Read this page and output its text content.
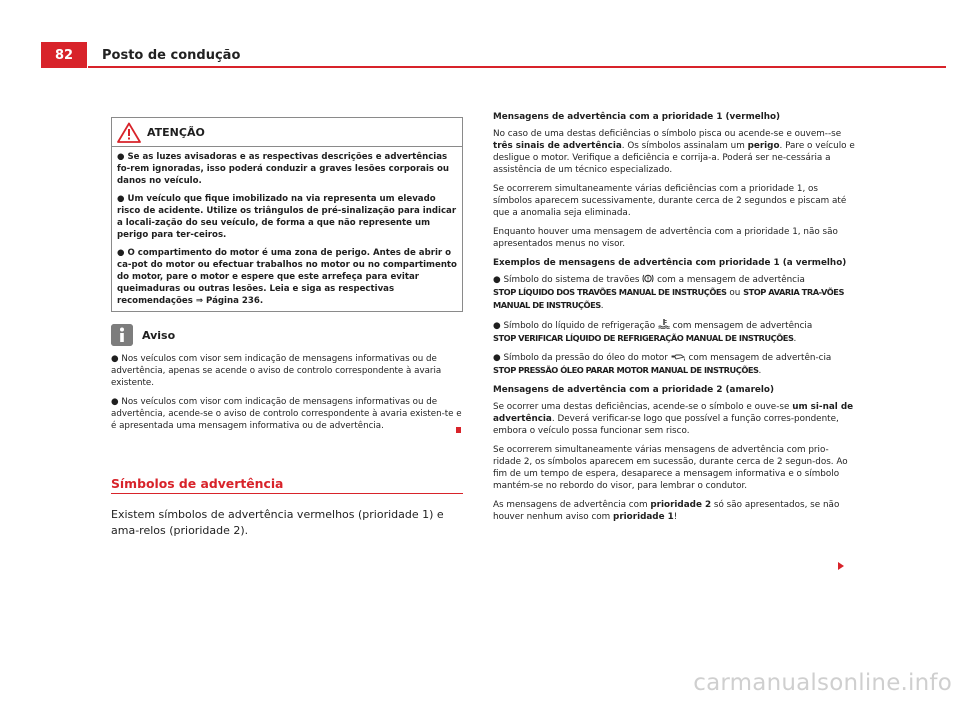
82	Posto de condução
ATENÇÃO

● Se as luzes avisadoras e as respectivas descrições e advertências fo-rem ignoradas, isso poderá conduzir a graves lesões corporais ou danos no veículo.

● Um veículo que fique imobilizado na via representa um elevado risco de acidente. Utilize os triângulos de pré-sinalização para indicar a locali-zação do seu veículo, de forma a que não represente um perigo para ter-ceiros.

● O compartimento do motor é uma zona de perigo. Antes de abrir o ca-pot do motor ou efectuar trabalhos no motor ou no compartimento do motor, pare o motor e espere que este arrefeça para evitar queimaduras ou outras lesões. Leia e siga as respectivas recomendações ⇒ Página 236.

Aviso

● Nos veículos com visor sem indicação de mensagens informativas ou de advertência, apenas se acende o aviso de controlo correspondente à avaria existente.

● Nos veículos com visor com indicação de mensagens informativas ou de advertência, acende-se o aviso de controlo correspondente à avaria existen-te e é apresentada uma mensagem informativa ou de advertência.

Símbolos de advertência

Existem símbolos de advertência vermelhos (prioridade 1) e ama-relos (prioridade 2).

Mensagens de advertência com a prioridade 1 (vermelho)

No caso de uma destas deficiências o símbolo pisca ou acende-se e ouvem--se três sinais de advertência. Os símbolos assinalam um perigo. Pare o veículo e desligue o motor. Verifique a deficiência e corrija-a. Poderá ser ne-cessária a assistência de um técnico especializado.

Se ocorrerem simultaneamente várias deficiências com a prioridade 1, os símbolos aparecem sucessivamente, durante cerca de 2 segundos e piscam até que a anomalia seja eliminada.

Enquanto houver uma mensagem de advertência com a prioridade 1, não são apresentados menus no visor.

Exemplos de mensagens de advertência com prioridade 1 (a vermelho)

● Símbolo do sistema de travões  com a mensagem de advertência
STOP LÍQUIDO DOS TRAVÕES MANUAL DE INSTRUÇÕES ou STOP AVARIA TRA-VÕES MANUAL DE INSTRUÇÕES.

● Símbolo do líquido de refrigeração  com mensagem de advertência
STOP VERIFICAR LÍQUIDO DE REFRIGERAÇÃO MANUAL DE INSTRUÇÕES.

● Símbolo da pressão do óleo do motor  com mensagem de advertên-cia STOP PRESSÃO ÓLEO PARAR MOTOR MANUAL DE INSTRUÇÕES.

Mensagens de advertência com a prioridade 2 (amarelo)

Se ocorrer uma destas deficiências, acende-se o símbolo e ouve-se um si-nal de advertência. Deverá verificar-se logo que possível a função corres-pondente, embora o veículo possa funcionar sem risco.

Se ocorrerem simultaneamente várias mensagens de advertência com prio-ridade 2, os símbolos aparecem em sucessão, durante cerca de 2 segun-dos. Ao fim de um tempo de espera, desaparece a mensagem informativa e o símbolo mantém-se no rebordo do visor, para lembrar o condutor.

As mensagens de advertência com prioridade 2 só são apresentados, se não houver nenhum aviso com prioridade 1!

carmanualsonline.info
